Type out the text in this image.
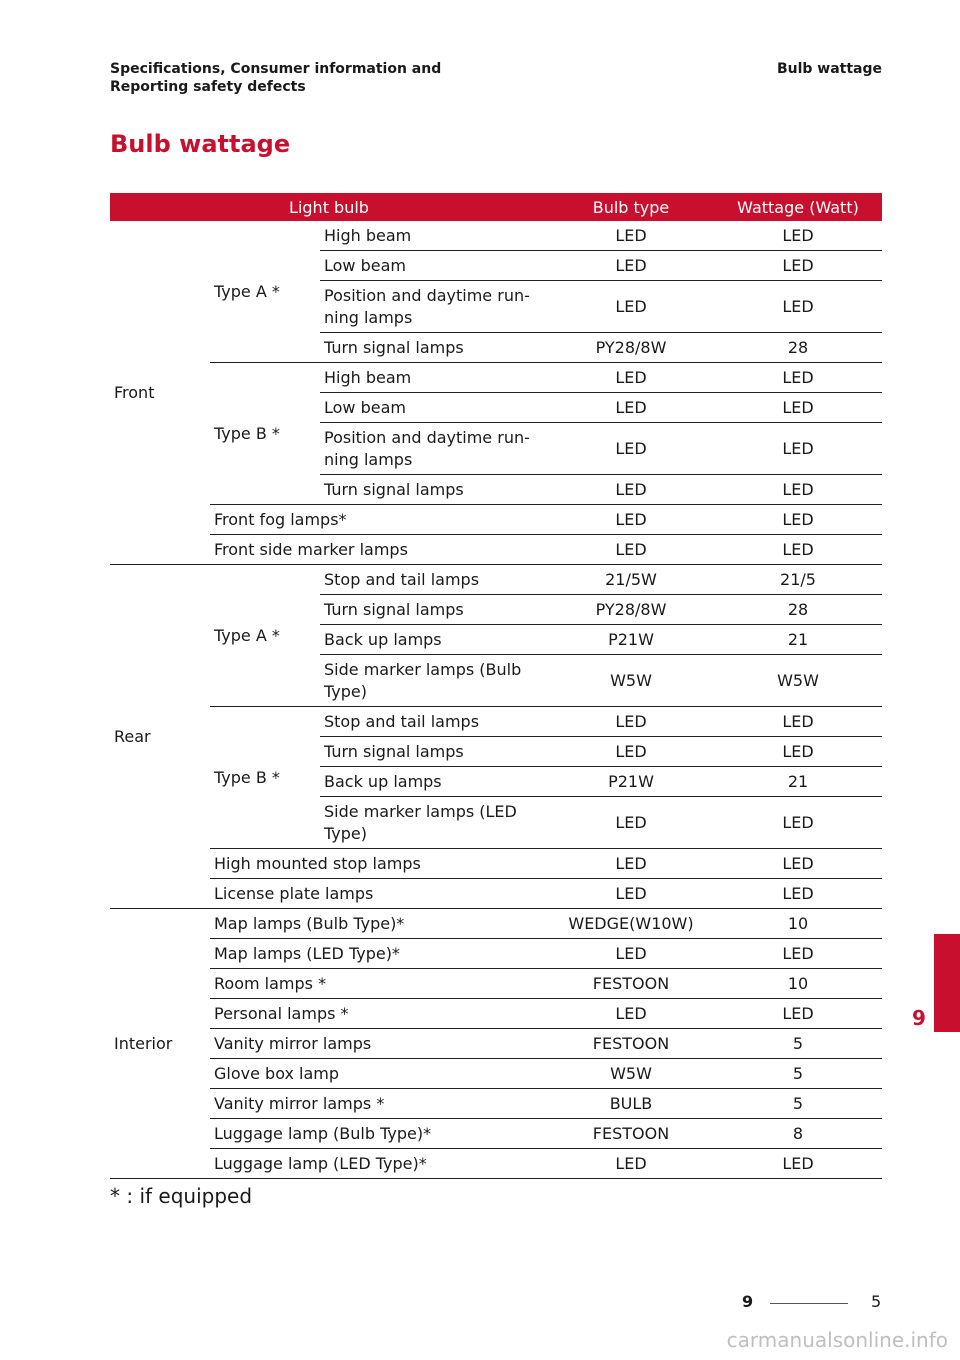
Specifications, Consumer information and
Reporting safety defects
Bulb wattage
Bulb wattage
Light bulb			Bulb type	Wattage (Watt)
Front	Type A *	High beam	LED	LED
		Low beam	LED	LED
		Position and daytime run-ning lamps	LED	LED
		Turn signal lamps	PY28/8W	28
	Type B *	High beam	LED	LED
		Low beam	LED	LED
		Position and daytime run-ning lamps	LED	LED
		Turn signal lamps	LED	LED
	Front fog lamps*		LED	LED
	Front side marker lamps		LED	LED
Rear	Type A *	Stop and tail lamps	21/5W	21/5
		Turn signal lamps	PY28/8W	28
		Back up lamps	P21W	21
		Side marker lamps (Bulb Type)	W5W	W5W
	Type B *	Stop and tail lamps	LED	LED
		Turn signal lamps	LED	LED
		Back up lamps	P21W	21
		Side marker lamps (LED Type)	LED	LED
	High mounted stop lamps		LED	LED
	License plate lamps		LED	LED
Interior	Map lamps (Bulb Type)*		WEDGE(W10W)	10
	Map lamps (LED Type)*		LED	LED
	Room lamps *		FESTOON	10
	Personal lamps *		LED	LED
	Vanity mirror lamps		FESTOON	5
	Glove box lamp		W5W	5
	Vanity mirror lamps *		BULB	5
	Luggage lamp (Bulb Type)*		FESTOON	8
	Luggage lamp (LED Type)*		LED	LED
* : if equipped
9
9	5
carmanualsonline.info
